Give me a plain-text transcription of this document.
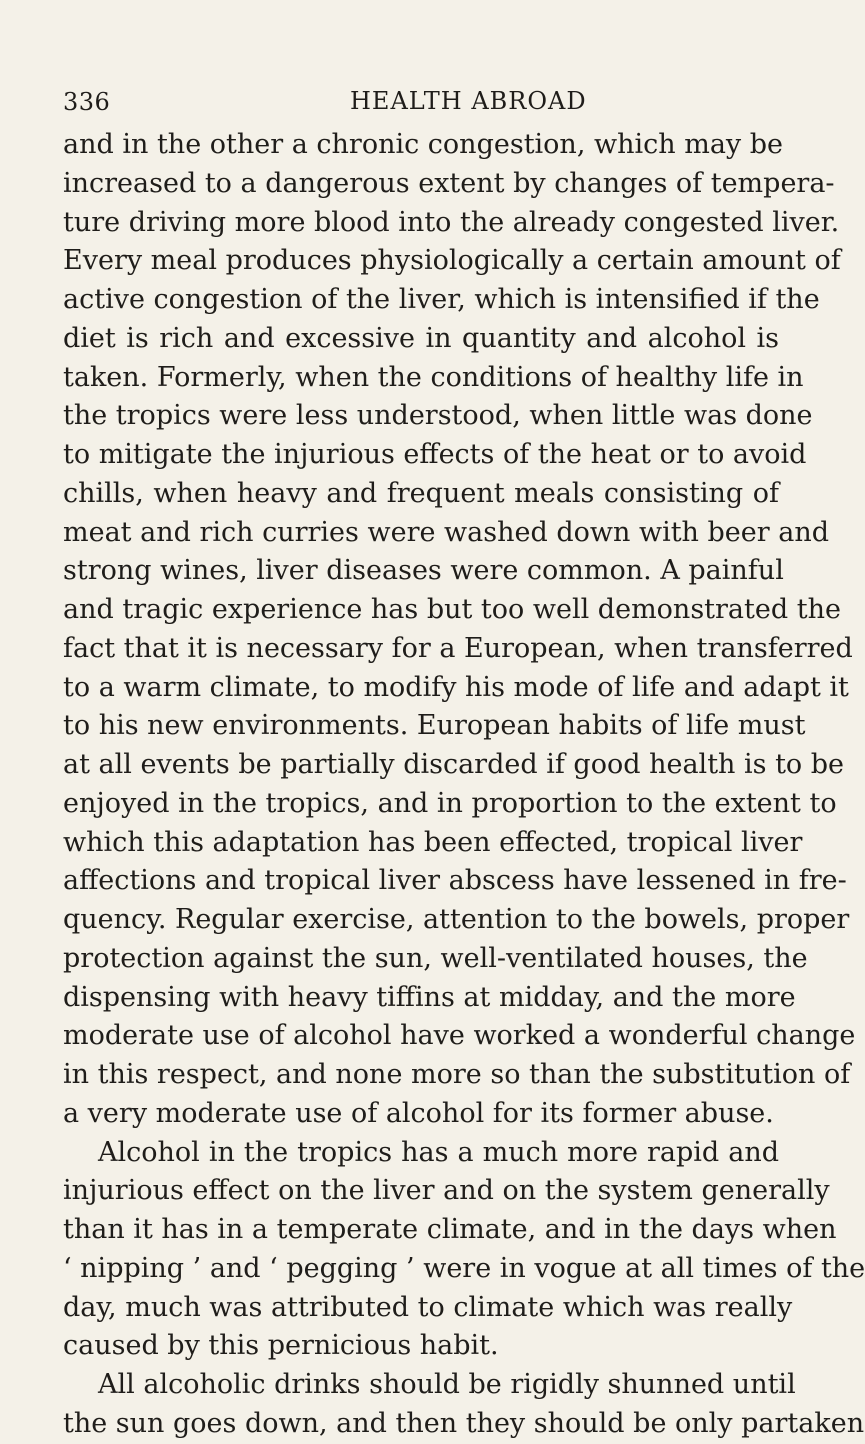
336	HEALTH ABROAD
and in the other a chronic congestion, which may be
increased to a dangerous extent by changes of tempera-
ture driving more blood into the already congested liver.
Every meal produces physiologically a certain amount of
active congestion of the liver, which is intensified if the
diet is rich and excessive in quantity and alcohol is
taken. Formerly, when the conditions of healthy life in
the tropics were less understood, when little was done
to mitigate the injurious effects of the heat or to avoid
chills, when heavy and frequent meals consisting of
meat and rich curries were washed down with beer and
strong wines, liver diseases were common. A painful
and tragic experience has but too well demonstrated the
fact that it is necessary for a European, when transferred
to a warm climate, to modify his mode of life and adapt it
to his new environments. European habits of life must
at all events be partially discarded if good health is to be
enjoyed in the tropics, and in proportion to the extent to
which this adaptation has been effected, tropical liver
affections and tropical liver abscess have lessened in fre-
quency. Regular exercise, attention to the bowels, proper
protection against the sun, well-ventilated houses, the
dispensing with heavy tiffins at midday, and the more
moderate use of alcohol have worked a wonderful change
in this respect, and none more so than the substitution of
a very moderate use of alcohol for its former abuse.
Alcohol in the tropics has a much more rapid and
injurious effect on the liver and on the system generally
than it has in a temperate climate, and in the days when
‘ nipping ’ and ‘ pegging ’ were in vogue at all times of the
day, much was attributed to climate which was really
caused by this pernicious habit.
All alcoholic drinks should be rigidly shunned until
the sun goes down, and then they should be only partaken
